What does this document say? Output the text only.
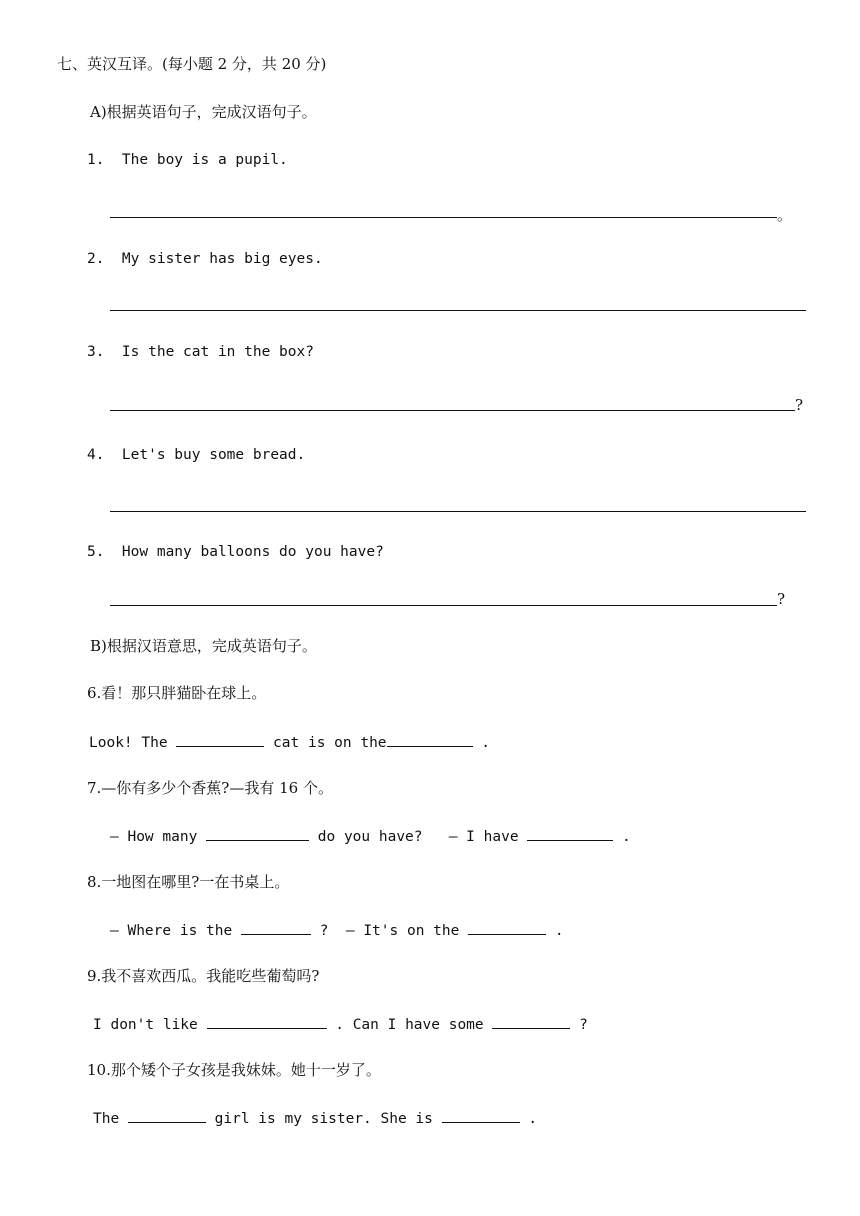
七、英汉互译。(每小题 2 分，共 20 分)
A)根据英语句子，完成汉语句子。
1.  The boy is a pupil.
。
2.  My sister has big eyes.
3.  Is the cat in the box?
?
4.  Let's buy some bread.
5.  How many balloons do you have?
?
B)根据汉语意思，完成英语句子。
6.看！那只胖猫卧在球上。
Look! The	cat is on the	.
7.—你有多少个香蕉?—我有 16 个。
— How many	do you have?   — I have	.
8.一地图在哪里?一在书桌上。
— Where is the	?  — It's on the	.
9.我不喜欢西瓜。我能吃些葡萄吗?
I don't like	. Can I have some	?
10.那个矮个子女孩是我妹妹。她十一岁了。
The	girl is my sister. She is	.
